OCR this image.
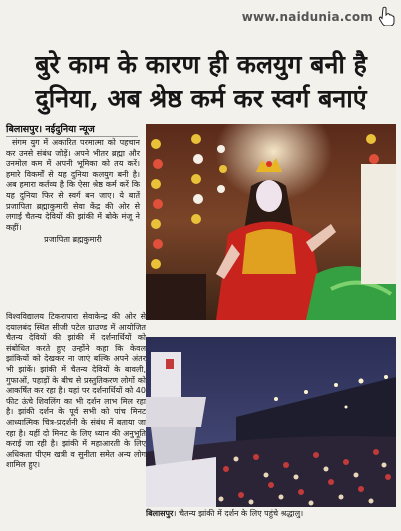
www.naidunia.com
बुरे काम के कारण ही कलयुग बनी है
दुनिया, अब श्रेष्ठ कर्म कर स्वर्ग बनाएं
बिलासपुर। नईदुनिया न्यूज

संगम युग में अकारित परमात्मा को पहचान कर उनसे संबंध जोड़ें। अपने भीतर ब्रह्मा और उनमोल कम में अपनी भूमिका को तय करें। हमारे विकर्मों से यह दुनिया कलयुग बनी है। अब हमारा कर्तव्य है कि ऐसा श्रेष्ठ कर्म करें कि यह दुनिया फिर से स्वर्ग बन जाए। ये बातें प्रजापिता ब्रह्माकुमारी सेवा केंद्र की ओर से लगाई चैतन्य देवियों की झांकी में बोके मंजू ने कहीं।

प्रजापिता ब्रह्मकुमारी

विश्वविद्यालय टिकरापारा सेवाकेन्द्र की ओर से दयालबंद स्थित सीजी पटेल ग्राउण्ड में आयोजित चैतन्य देवियों की झांकी में दर्शनार्थियों को संबोधित करते हुए उन्होंने कहा कि केवल झांकियों को देखकर ना जाएं बल्कि अपने अंतर भी झांकें। झांकी में चैतन्य देवियों के बावली, गुफाओं, पहाड़ों के बीच से प्रस्तुतिकरण लोगों को आकर्षित कर रहा है। यहां पर दर्शनार्थियों को 40 फीट ऊंचे शिवलिंग का भी दर्शन लाभ मिल रहा है। झांकी दर्शन के पूर्व सभी को पांच मिनट आध्यात्मिक चित्र-प्रदर्शनी के संबंध में बताया जा रहा है। यहीं दो मिनट के लिए ध्यान की अनुभूति कराई जा रही है। झांकी में महाआरती के लिए अधिकता पीएम खत्री व सुनीता समेत अन्य लोग शामिल हुए।
बिलासपुर। चैतन्य झांकी में दर्शन के लिए पहुंचे श्रद्धालु।
